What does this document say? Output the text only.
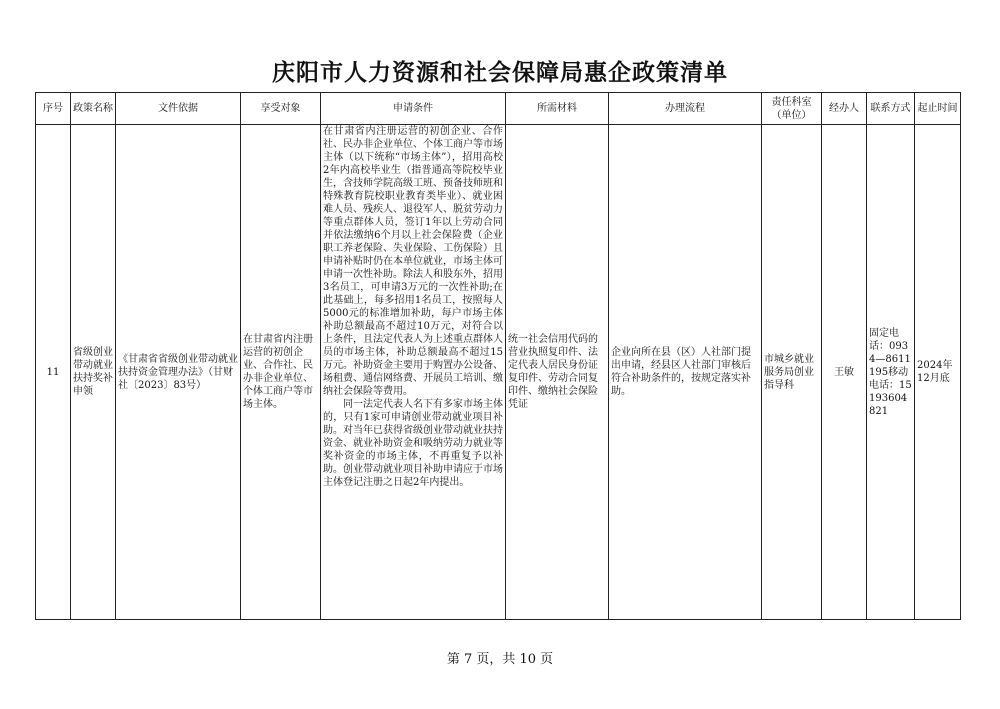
庆阳市人力资源和社会保障局惠企政策清单
序号	政策名称	文件依据	享受对象	申请条件	所需材料	办理流程	责任科室（单位）	经办人	联系方式	起止时间
11	省级创业带动就业扶持奖补申领	《甘肃省省级创业带动就业扶持资金管理办法》（甘财社〔2023〕83号）	在甘肃省内注册运营的初创企业、合作社、民办非企业单位、个体工商户等市场主体。	在甘肃省内注册运营的初创企业、合作社、民办非企业单位、个体工商户等市场主体（以下统称“市场主体”），招用高校2年内高校毕业生（指普通高等院校毕业生，含技师学院高级工班、预备技师班和特殊教育院校职业教育类毕业）、就业困难人员、残疾人、退役军人、脱贫劳动力等重点群体人员，签订1年以上劳动合同并依法缴纳6个月以上社会保险费（企业职工养老保险、失业保险、工伤保险）且申请补贴时仍在本单位就业，市场主体可申请一次性补助。除法人和股东外，招用3名员工，可申请3万元的一次性补助;在此基础上，每多招用1名员工，按照每人5000元的标准增加补助，每户市场主体补助总额最高不超过10万元，对符合以上条件，且法定代表人为上述重点群体人员的市场主体，补助总额最高不超过15万元。补助资金主要用于购置办公设备、场租费、通信网络费、开展员工培训、缴纳社会保险等费用。

同一法定代表人名下有多家市场主体的，只有1家可申请创业带动就业项目补助。对当年已获得省级创业带动就业扶持资金、就业补助资金和吸纳劳动力就业等奖补资金的市场主体，不再重复予以补助。创业带动就业项目补助申请应于市场主体登记注册之日起2年内提出。	统一社会信用代码的营业执照复印件、法定代表人居民身份证复印件、劳动合同复印件、缴纳社会保险凭证	企业向所在县（区）人社部门提出申请，经县区人社部门审核后符合补助条件的，按规定落实补助。	市城乡就业服务局创业指导科	王敏	固定电话：0934—8611195移动电话：15193604821	2024年12月底
第 7 页，共 10 页
